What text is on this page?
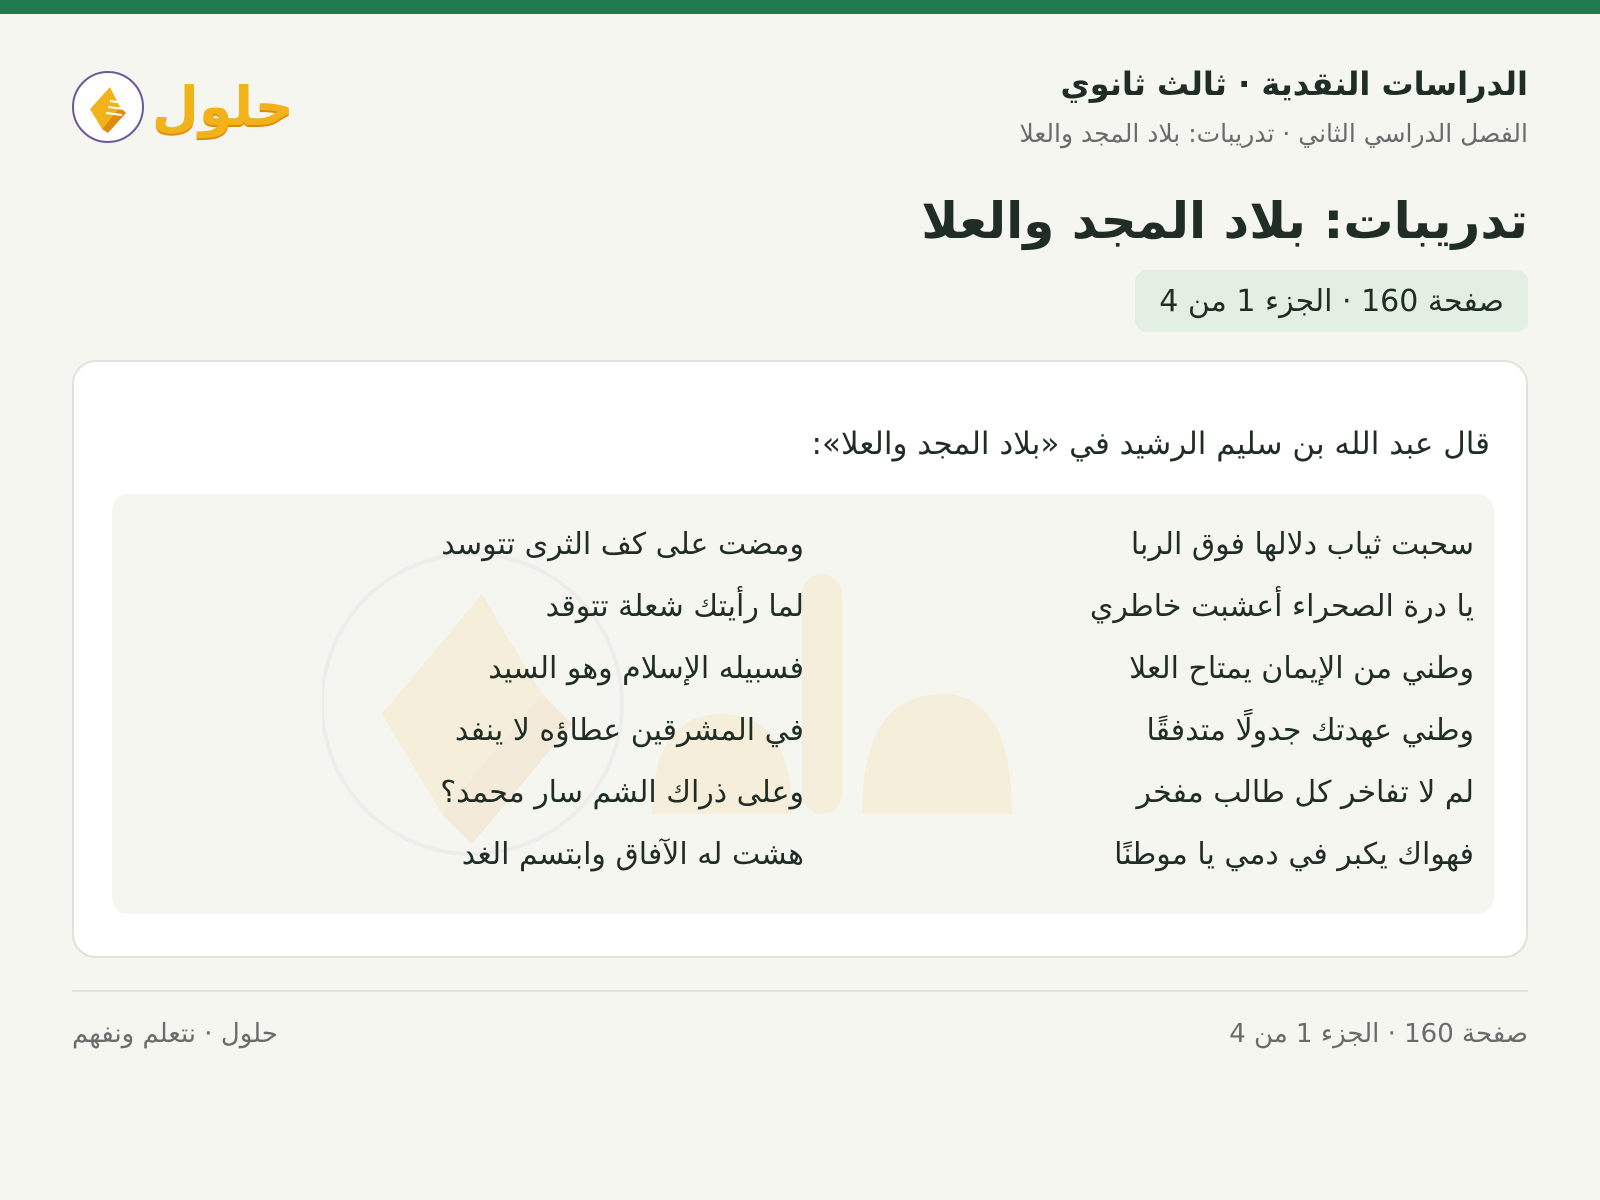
حلول	الدراسات النقدية · ثالث ثانوي
الفصل الدراسي الثاني · تدريبات: بلاد المجد والعلا
تدريبات: بلاد المجد والعلا
صفحة 160 · الجزء 1 من 4

قال عبد الله بن سليم الرشيد في «بلاد المجد والعلا»:

سحبت ثياب دلالها فوق الربا
ومضت على كف الثرى تتوسد
يا درة الصحراء أعشبت خاطري
لما رأيتك شعلة تتوقد
وطني من الإيمان يمتاح العلا
فسبيله الإسلام وهو السيد
وطني عهدتك جدولًا متدفقًا
في المشرقين عطاؤه لا ينفد
لم لا تفاخر كل طالب مفخر
وعلى ذراك الشم سار محمد؟
فهواك يكبر في دمي يا موطنًا
هشت له الآفاق وابتسم الغد
صفحة 160 · الجزء 1 من 4
حلول · نتعلم ونفهم
